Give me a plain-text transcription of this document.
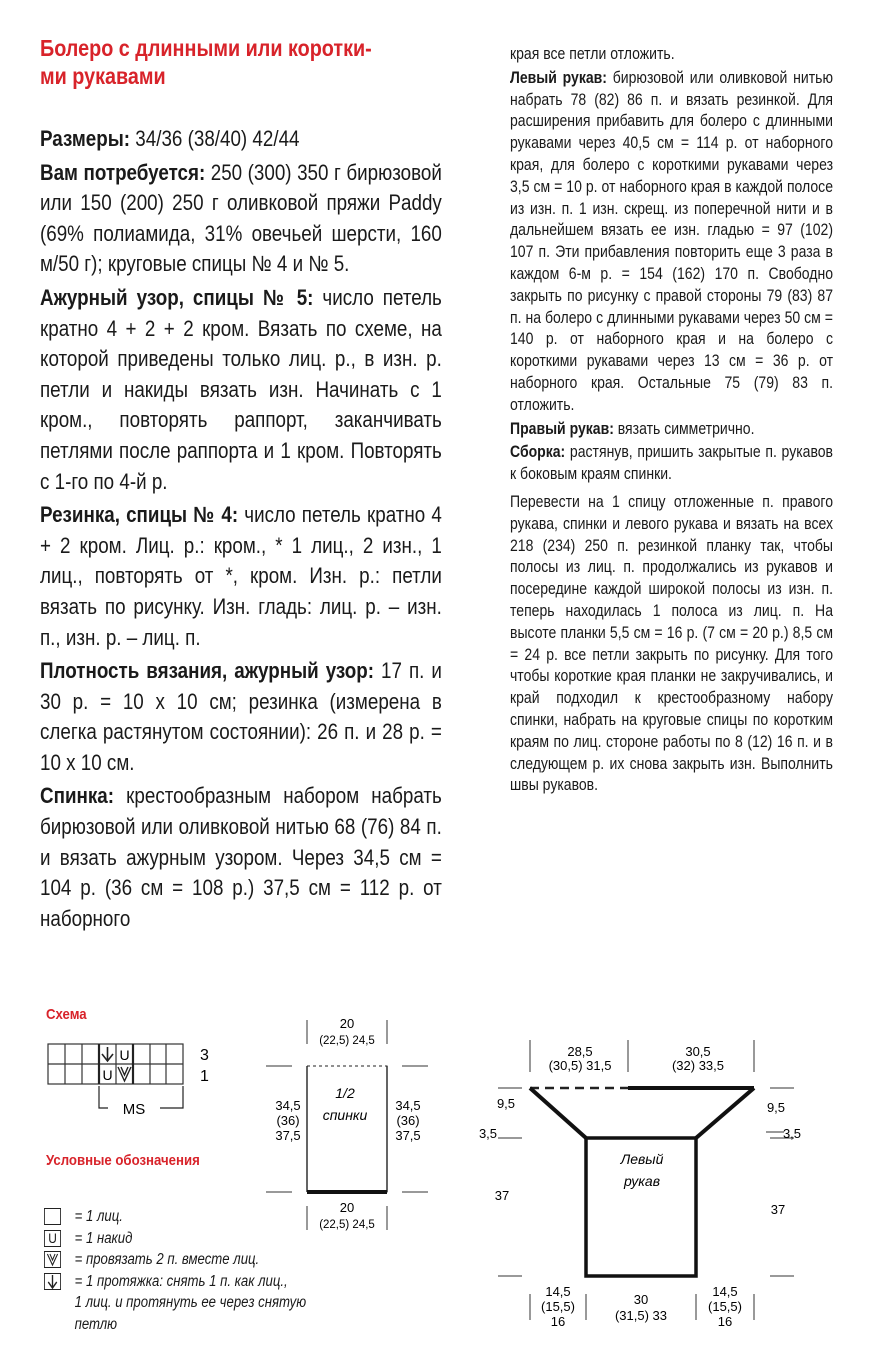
Болеро с длинными или коротки-
ми рукавами

Размеры: 34/36 (38/40) 42/44

Вам потребуется: 250 (300) 350 г бирюзовой или 150 (200) 250 г оливковой пряжи Paddy (69% полиамида, 31% овечьей шерсти, 160 м/50 г); круговые спицы № 4 и № 5.

Ажурный узор, спицы № 5: число петель кратно 4 + 2 + 2 кром. Вязать по схеме, на которой приведены только лиц. р., в изн. р. петли и накиды вязать изн. Начинать с 1 кром., повторять раппорт, заканчивать петлями после раппорта и 1 кром. Повторять с 1-го по 4-й р.

Резинка, спицы № 4: число петель кратно 4 + 2 кром. Лиц. р.: кром., * 1 лиц., 2 изн., 1 лиц., повторять от *, кром. Изн. р.: петли вязать по рисунку. Изн. гладь: лиц. р. – изн. п., изн. р. – лиц. п.

Плотность вязания, ажурный узор: 17 п. и 30 р. = 10 х 10 см; резинка (измерена в слегка растянутом состоянии): 26 п. и 28 р. = 10 х 10 см.

Спинка: крестообразным набором набрать бирюзовой или оливковой нитью 68 (76) 84 п. и вязать ажурным узором. Через 34,5 см = 104 р. (36 см = 108 р.) 37,5 см = 112 р. от наборного

края все петли отложить.

Левый рукав: бирюзовой или оливковой нитью набрать 78 (82) 86 п. и вязать резинкой. Для расширения прибавить для болеро с длинными рукавами через 40,5 см = 114 р. от наборного края, для болеро с короткими рукавами через 3,5 см = 10 р. от наборного края в каждой полосе из изн. п. 1 изн. скрещ. из поперечной нити и в дальнейшем вязать ее изн. гладью = 97 (102) 107 п. Эти прибавления повторить еще 3 раза в каждом 6-м р. = 154 (162) 170 п. Свободно закрыть по рисунку с правой стороны 79 (83) 87 п. на болеро с длинными рукавами через 50 см = 140 р. от наборного края и на болеро с короткими рукавами через 13 см = 36 р. от наборного края. Остальные 75 (79) 83 п. отложить.

Правый рукав: вязать симметрично.

Сборка: растянув, пришить закрытые п. рукавов к боковым краям спинки.

Перевести на 1 спицу отложенные п. правого рукава, спинки и левого рукава и вязать на всех 218 (234) 250 п. резинкой планку так, чтобы полосы из лиц. п. продолжались из рукавов и посередине каждой широкой полосы из изн. п. теперь находилась 1 полоса из лиц. п. На высоте планки 5,5 см = 16 р. (7 см = 20 р.) 8,5 см = 24 р. все петли закрыть по рисунку. Для того чтобы короткие края планки не закручивались, и край подходил к крестообразному набору спинки, набрать на круговые спицы по коротким краям по лиц. стороне работы по 8 (12) 16 п. и в следующем р. их снова закрыть изн. Выполнить швы рукавов.

Схема
U
U
3
1
MS
Условные обозначения
= 1 лиц.
U = 1 накид
= провязать 2 п. вместе лиц.
= 1 протяжка: снять 1 п. как лиц.,
1 лиц. и протянуть ее через снятую
петлю
20
(22,5) 24,5
20
(22,5) 24,5
34,5
(36)
37,5
34,5
(36)
37,5
1/2
спинки
28,5
(30,5) 31,5
30,5
(32) 33,5
9,5
3,5
9,5
3,5
37
37
Левый
рукав
14,5
(15,5)
16
30
(31,5) 33
14,5
(15,5)
16
